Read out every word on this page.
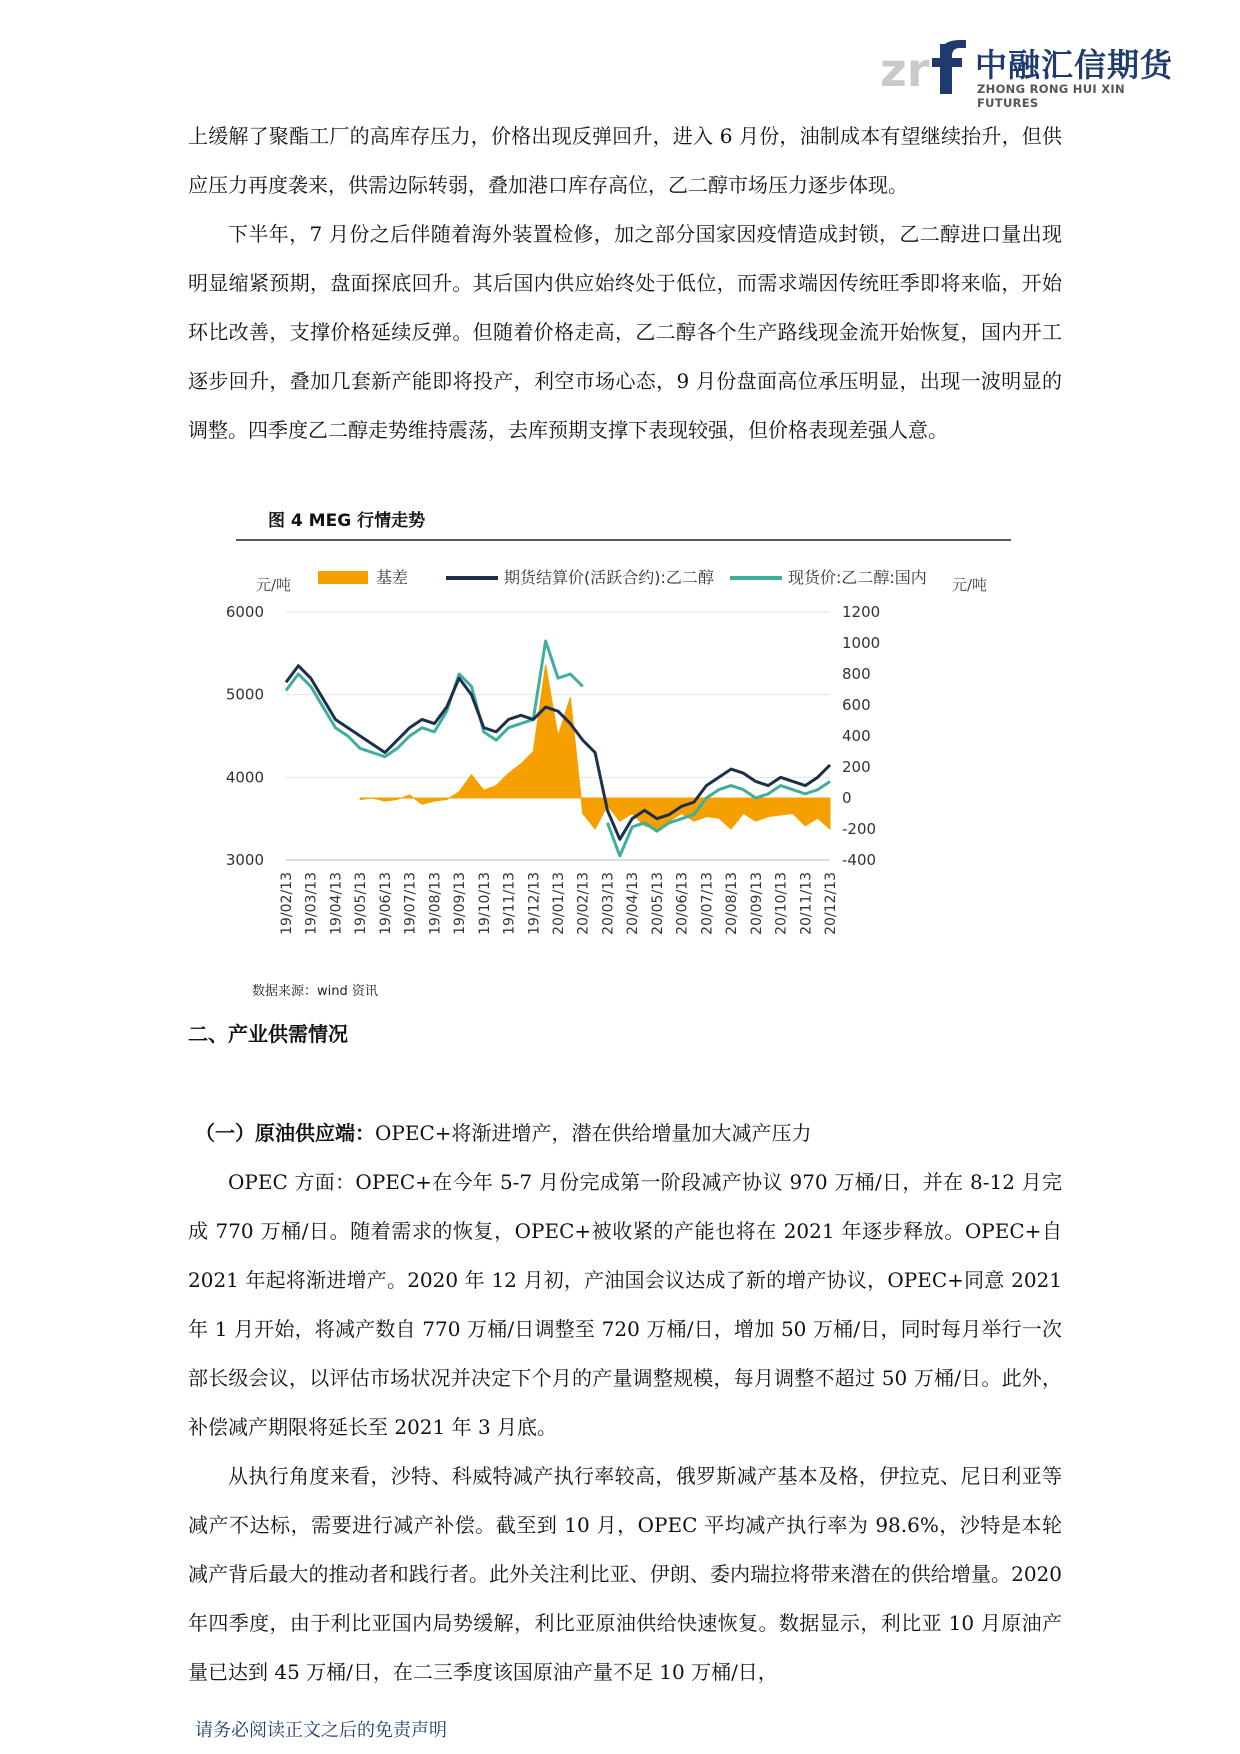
zr 中融汇信期货
ZHONG RONG HUI XIN FUTURES

上缓解了聚酯工厂的高库存压力，价格出现反弹回升，进入 6 月份，油制成本有望继续抬升，但供应压力再度袭来，供需边际转弱，叠加港口库存高位，乙二醇市场压力逐步体现。

下半年，7 月份之后伴随着海外装置检修，加之部分国家因疫情造成封锁，乙二醇进口量出现明显缩紧预期，盘面探底回升。其后国内供应始终处于低位，而需求端因传统旺季即将来临，开始环比改善，支撑价格延续反弹。但随着价格走高，乙二醇各个生产路线现金流开始恢复，国内开工逐步回升，叠加几套新产能即将投产，利空市场心态，9 月份盘面高位承压明显，出现一波明显的调整。四季度乙二醇走势维持震荡，去库预期支撑下表现较强，但价格表现差强人意。

图 4 MEG 行情走势
基差	期货结算价(活跃合约):乙二醇	现货价:乙二醇:国内
元/吨	元/吨
6000
5000
4000
3000
1200
1000
800
600
400
200
0
-200
-400
19/02/13 19/03/13 19/04/13 19/05/13 19/06/13 19/07/13 19/08/13 19/09/13 19/10/13 19/11/13 19/12/13 20/01/13 20/02/13 20/03/13 20/04/13 20/05/13 20/06/13 20/07/13 20/08/13 20/09/13 20/10/13 20/11/13 20/12/13
数据来源：wind 资讯
二、产业供需情况
（一）原油供应端：OPEC+将渐进增产，潜在供给增量加大减产压力

OPEC 方面：OPEC+在今年 5-7 月份完成第一阶段减产协议 970 万桶/日，并在 8-12 月完成 770 万桶/日。随着需求的恢复，OPEC+被收紧的产能也将在 2021 年逐步释放。OPEC+自 2021 年起将渐进增产。2020 年 12 月初，产油国会议达成了新的增产协议，OPEC+同意 2021 年 1 月开始，将减产数自 770 万桶/日调整至 720 万桶/日，增加 50 万桶/日，同时每月举行一次部长级会议，以评估市场状况并决定下个月的产量调整规模，每月调整不超过 50 万桶/日。此外，补偿减产期限将延长至 2021 年 3 月底。

从执行角度来看，沙特、科威特减产执行率较高，俄罗斯减产基本及格，伊拉克、尼日利亚等减产不达标，需要进行减产补偿。截至到 10 月，OPEC 平均减产执行率为 98.6%，沙特是本轮减产背后最大的推动者和践行者。此外关注利比亚、伊朗、委内瑞拉将带来潜在的供给增量。2020 年四季度，由于利比亚国内局势缓解，利比亚原油供给快速恢复。数据显示，利比亚 10 月原油产量已达到 45 万桶/日，在二三季度该国原油产量不足 10 万桶/日，

请务必阅读正文之后的免责声明
